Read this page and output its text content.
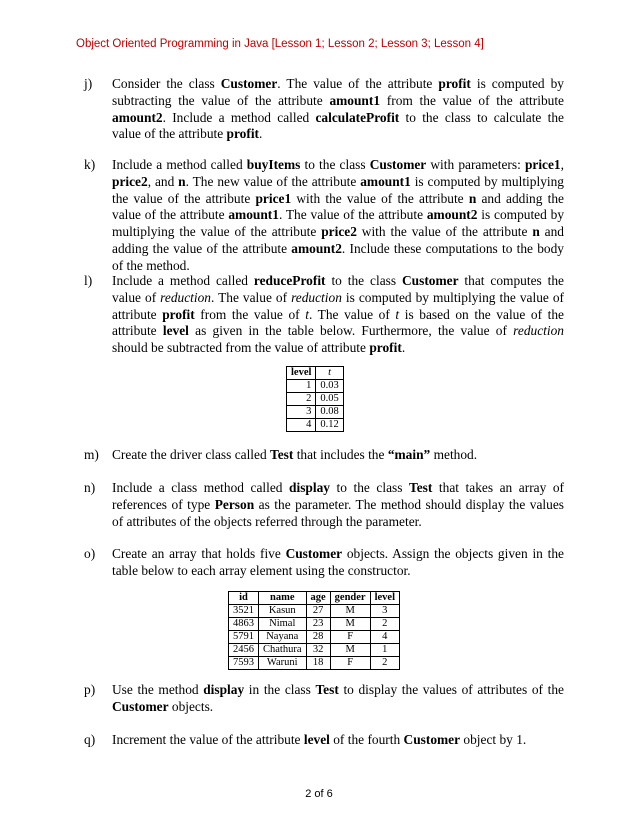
Object Oriented Programming in Java [Lesson 1; Lesson 2; Lesson 3; Lesson 4]
j) Consider the class Customer. The value of the attribute profit is computed by subtracting the value of the attribute amount1 from the value of the attribute amount2. Include a method called calculateProfit to the class to calculate the value of the attribute profit.
k) Include a method called buyItems to the class Customer with parameters: price1, price2, and n. The new value of the attribute amount1 is computed by multiplying the value of the attribute price1 with the value of the attribute n and adding the value of the attribute amount1. The value of the attribute amount2 is computed by multiplying the value of the attribute price2 with the value of the attribute n and adding the value of the attribute amount2. Include these computations to the body of the method.
l) Include a method called reduceProfit to the class Customer that computes the value of reduction. The value of reduction is computed by multiplying the value of attribute profit from the value of t. The value of t is based on the value of the attribute level as given in the table below. Furthermore, the value of reduction should be subtracted from the value of attribute profit.
level	t
1	0.03
2	0.05
3	0.08
4	0.12
m) Create the driver class called Test that includes the “main” method.
n) Include a class method called display to the class Test that takes an array of references of type Person as the parameter. The method should display the values of attributes of the objects referred through the parameter.
o) Create an array that holds five Customer objects. Assign the objects given in the table below to each array element using the constructor.
id	name	age	gender	level
3521	Kasun	27	M	3
4863	Nimal	23	M	2
5791	Nayana	28	F	4
2456	Chathura	32	M	1
7593	Waruni	18	F	2
p) Use the method display in the class Test to display the values of attributes of the Customer objects.
q) Increment the value of the attribute level of the fourth Customer object by 1.
2 of 6
